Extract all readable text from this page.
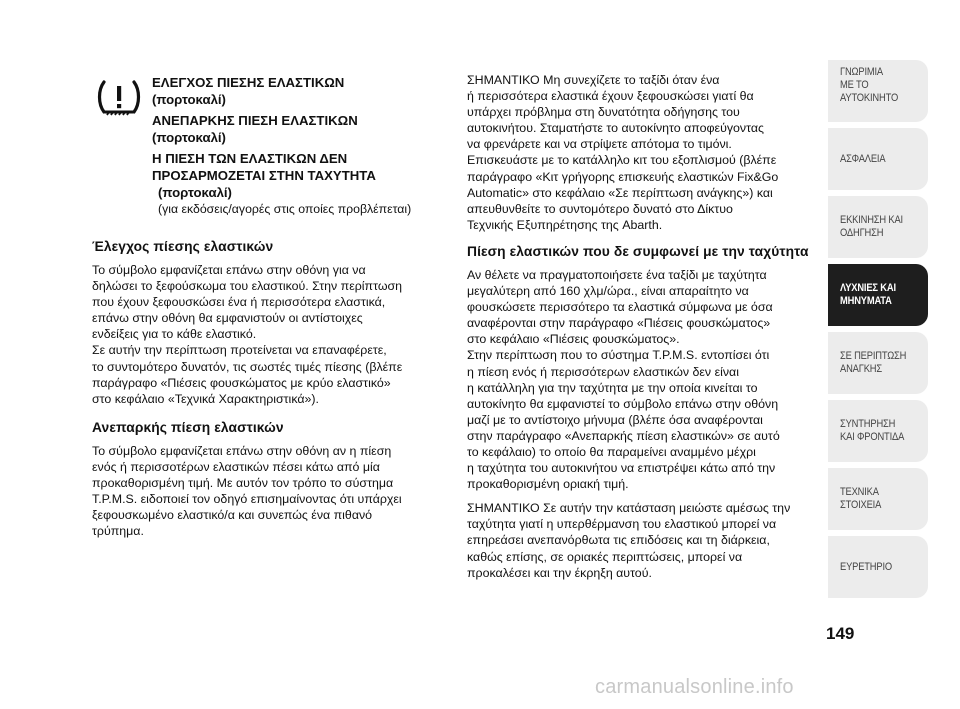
ΕΛΕΓΧΟΣ ΠΙΕΣΗΣ ΕΛΑΣΤΙΚΩΝ
(πορτοκαλί)
ΑΝΕΠΑΡΚΗΣ ΠΙΕΣΗ ΕΛΑΣΤΙΚΩΝ
(πορτοκαλί)
Η ΠΙΕΣΗ ΤΩΝ ΕΛΑΣΤΙΚΩΝ ΔΕΝ
ΠΡΟΣΑΡΜΟΖΕΤΑΙ ΣΤΗΝ ΤΑΧΥΤΗΤΑ
(πορτοκαλί)
(για εκδόσεις/αγορές στις οποίες προβλέπεται)
Έλεγχος πίεσης ελαστικών
Το σύμβολο εμφανίζεται επάνω στην οθόνη για να
δηλώσει το ξεφούσκωμα του ελαστικού. Στην περίπτωση
που έχουν ξεφουσκώσει ένα ή περισσότερα ελαστικά,
επάνω στην οθόνη θα εμφανιστούν οι αντίστοιχες
ενδείξεις για το κάθε ελαστικό.
Σε αυτήν την περίπτωση προτείνεται να επαναφέρετε,
το συντομότερο δυνατόν, τις σωστές τιμές πίεσης (βλέπε
παράγραφο «Πιέσεις φουσκώματος με κρύο ελαστικό»
στο κεφάλαιο «Τεχνικά Χαρακτηριστικά»).
Ανεπαρκής πίεση ελαστικών
Το σύμβολο εμφανίζεται επάνω στην οθόνη αν η πίεση
ενός ή περισσοτέρων ελαστικών πέσει κάτω από μία
προκαθορισμένη τιμή. Με αυτόν τον τρόπο το σύστημα
T.P.M.S. ειδοποιεί τον οδηγό επισημαίνοντας ότι υπάρχει
ξεφουσκωμένο ελαστικό/α και συνεπώς ένα πιθανό
τρύπημα.
ΣΗΜΑΝΤΙΚΟ Μη συνεχίζετε το ταξίδι όταν ένα
ή περισσότερα ελαστικά έχουν ξεφουσκώσει γιατί θα
υπάρχει πρόβλημα στη δυνατότητα οδήγησης του
αυτοκινήτου. Σταματήστε το αυτοκίνητο αποφεύγοντας
να φρενάρετε και να στρίψετε απότομα το τιμόνι.
Επισκευάστε με το κατάλληλο κιτ του εξοπλισμού (βλέπε
παράγραφο «Κιτ γρήγορης επισκευής ελαστικών Fix&Go
Automatic» στο κεφάλαιο «Σε περίπτωση ανάγκης») και
απευθυνθείτε το συντομότερο δυνατό στο Δίκτυο
Τεχνικής Εξυπηρέτησης της Abarth.
Πίεση ελαστικών που δε συμφωνεί με την ταχύτητα
Αν θέλετε να πραγματοποιήσετε ένα ταξίδι με ταχύτητα
μεγαλύτερη από 160 χλμ/ώρα., είναι απαραίτητο να
φουσκώσετε περισσότερο τα ελαστικά σύμφωνα με όσα
αναφέρονται στην παράγραφο «Πιέσεις φουσκώματος»
στο κεφάλαιο «Πιέσεις φουσκώματος».
Στην περίπτωση που το σύστημα T.P.M.S. εντοπίσει ότι
η πίεση ενός ή περισσότερων ελαστικών δεν είναι
η κατάλληλη για την ταχύτητα με την οποία κινείται το
αυτοκίνητο θα εμφανιστεί το σύμβολο επάνω στην οθόνη
μαζί με το αντίστοιχο μήνυμα (βλέπε όσα αναφέρονται
στην παράγραφο «Ανεπαρκής πίεση ελαστικών» σε αυτό
το κεφάλαιο) το οποίο θα παραμείνει αναμμένο μέχρι
η ταχύτητα του αυτοκινήτου να επιστρέψει κάτω από την
προκαθορισμένη οριακή τιμή.
ΣΗΜΑΝΤΙΚΟ Σε αυτήν την κατάσταση μειώστε αμέσως την
ταχύτητα γιατί η υπερθέρμανση του ελαστικού μπορεί να
επηρεάσει ανεπανόρθωτα τις επιδόσεις και τη διάρκεια,
καθώς επίσης, σε οριακές περιπτώσεις, μπορεί να
προκαλέσει και την έκρηξη αυτού.
ΓΝΩΡΙΜΙΑ
ΜΕ ΤΟ
ΑΥΤΟΚΙΝΗΤΟ
ΑΣΦΑΛΕΙΑ
ΕΚΚΙΝΗΣΗ ΚΑΙ
ΟΔΗΓΗΣΗ
ΛΥΧΝΙΕΣ ΚΑΙ
ΜΗΝΥΜΑΤΑ
ΣΕ ΠΕΡΙΠΤΩΣΗ
ΑΝΑΓΚΗΣ
ΣΥΝΤΗΡΗΣΗ
ΚΑΙ ΦΡΟΝΤΙΔΑ
ΤΕΧΝΙΚΑ
ΣΤΟΙΧΕΙΑ
ΕΥΡΕΤΗΡΙΟ
149
carmanualsonline.info
